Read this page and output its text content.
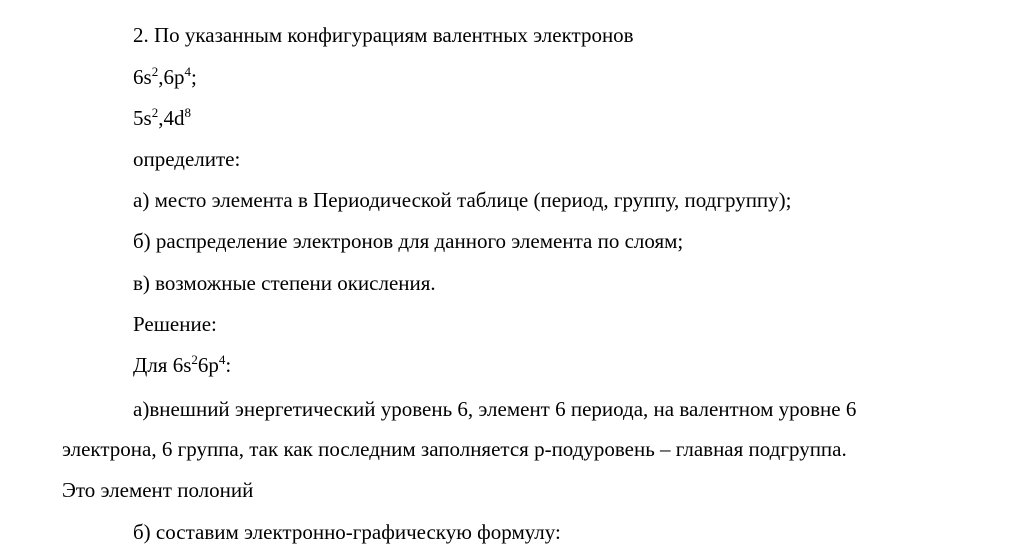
2. По указанным конфигурациям валентных электронов
$6s^2,6p^4$;
$5s^2,4d^8$
определите:
а) место элемента в Периодической таблице (период, группу, подгруппу);
б) распределение электронов для данного элемента по слоям;
в) возможные степени окисления.
Решение:
Для $6s^26p^4$:
а)внешний энергетический уровень 6, элемент 6 периода, на валентном уровне 6
электрона, 6 группа, так как последним заполняется р-подуровень – главная подгруппа.
Это элемент полоний
б) составим электронно-графическую формулу:
